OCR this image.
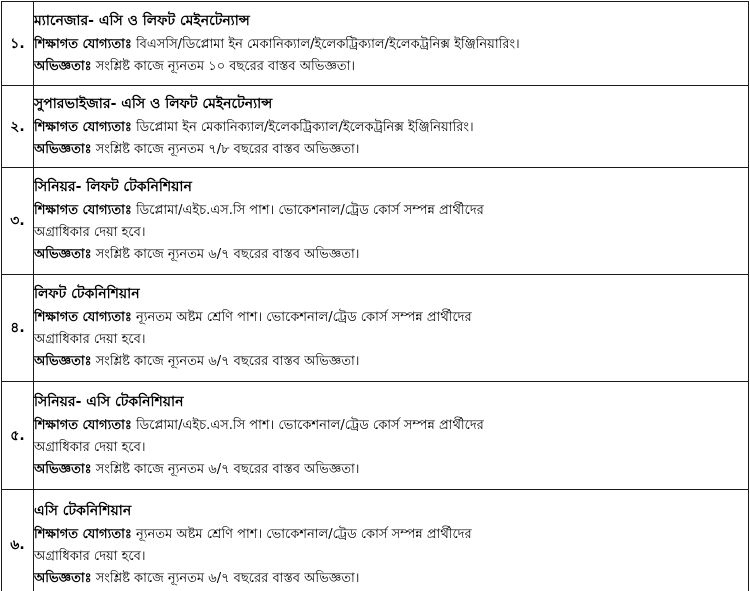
১.	ম্যানেজার- এসি ও লিফট মেইনটেন্যান্স
শিক্ষাগত যোগ্যতাঃ বিএসসি/ডিপ্লোমা ইন মেকানিক্যাল/ইলেকট্রিক্যাল/ইলেকট্রনিক্স ইঞ্জিনিয়ারিং।
অভিজ্ঞতাঃ সংশ্লিষ্ট কাজে ন্যূনতম ১০ বছরের বাস্তব অভিজ্ঞতা।

২.	সুপারভাইজার- এসি ও লিফট মেইনটেন্যান্স
শিক্ষাগত যোগ্যতাঃ ডিপ্লোমা ইন মেকানিক্যাল/ইলেকট্রিক্যাল/ইলেকট্রনিক্স ইঞ্জিনিয়ারিং।
অভিজ্ঞতাঃ সংশ্লিষ্ট কাজে ন্যূনতম ৭/৮ বছরের বাস্তব অভিজ্ঞতা।

৩.	সিনিয়র- লিফট টেকনিশিয়ান
শিক্ষাগত যোগ্যতাঃ ডিপ্লোমা/এইচ.এস.সি পাশ। ভোকেশনাল/ট্রেড কোর্স সম্পন্ন প্রার্থীদের
অগ্রাধিকার দেয়া হবে।
অভিজ্ঞতাঃ সংশ্লিষ্ট কাজে ন্যূনতম ৬/৭ বছরের বাস্তব অভিজ্ঞতা।

৪.	লিফট টেকনিশিয়ান
শিক্ষাগত যোগ্যতাঃ ন্যূনতম অষ্টম শ্রেণি পাশ। ভোকেশনাল/ট্রেড কোর্স সম্পন্ন প্রার্থীদের
অগ্রাধিকার দেয়া হবে।
অভিজ্ঞতাঃ সংশ্লিষ্ট কাজে ন্যূনতম ৬/৭ বছরের বাস্তব অভিজ্ঞতা।

৫.	সিনিয়র- এসি টেকনিশিয়ান
শিক্ষাগত যোগ্যতাঃ ডিপ্লোমা/এইচ.এস.সি পাশ। ভোকেশনাল/ট্রেড কোর্স সম্পন্ন প্রার্থীদের
অগ্রাধিকার দেয়া হবে।
অভিজ্ঞতাঃ সংশ্লিষ্ট কাজে ন্যূনতম ৬/৭ বছরের বাস্তব অভিজ্ঞতা।

৬.	এসি টেকনিশিয়ান
শিক্ষাগত যোগ্যতাঃ ন্যূনতম অষ্টম শ্রেণি পাশ। ভোকেশনাল/ট্রেড কোর্স সম্পন্ন প্রার্থীদের
অগ্রাধিকার দেয়া হবে।
অভিজ্ঞতাঃ সংশ্লিষ্ট কাজে ন্যূনতম ৬/৭ বছরের বাস্তব অভিজ্ঞতা।
